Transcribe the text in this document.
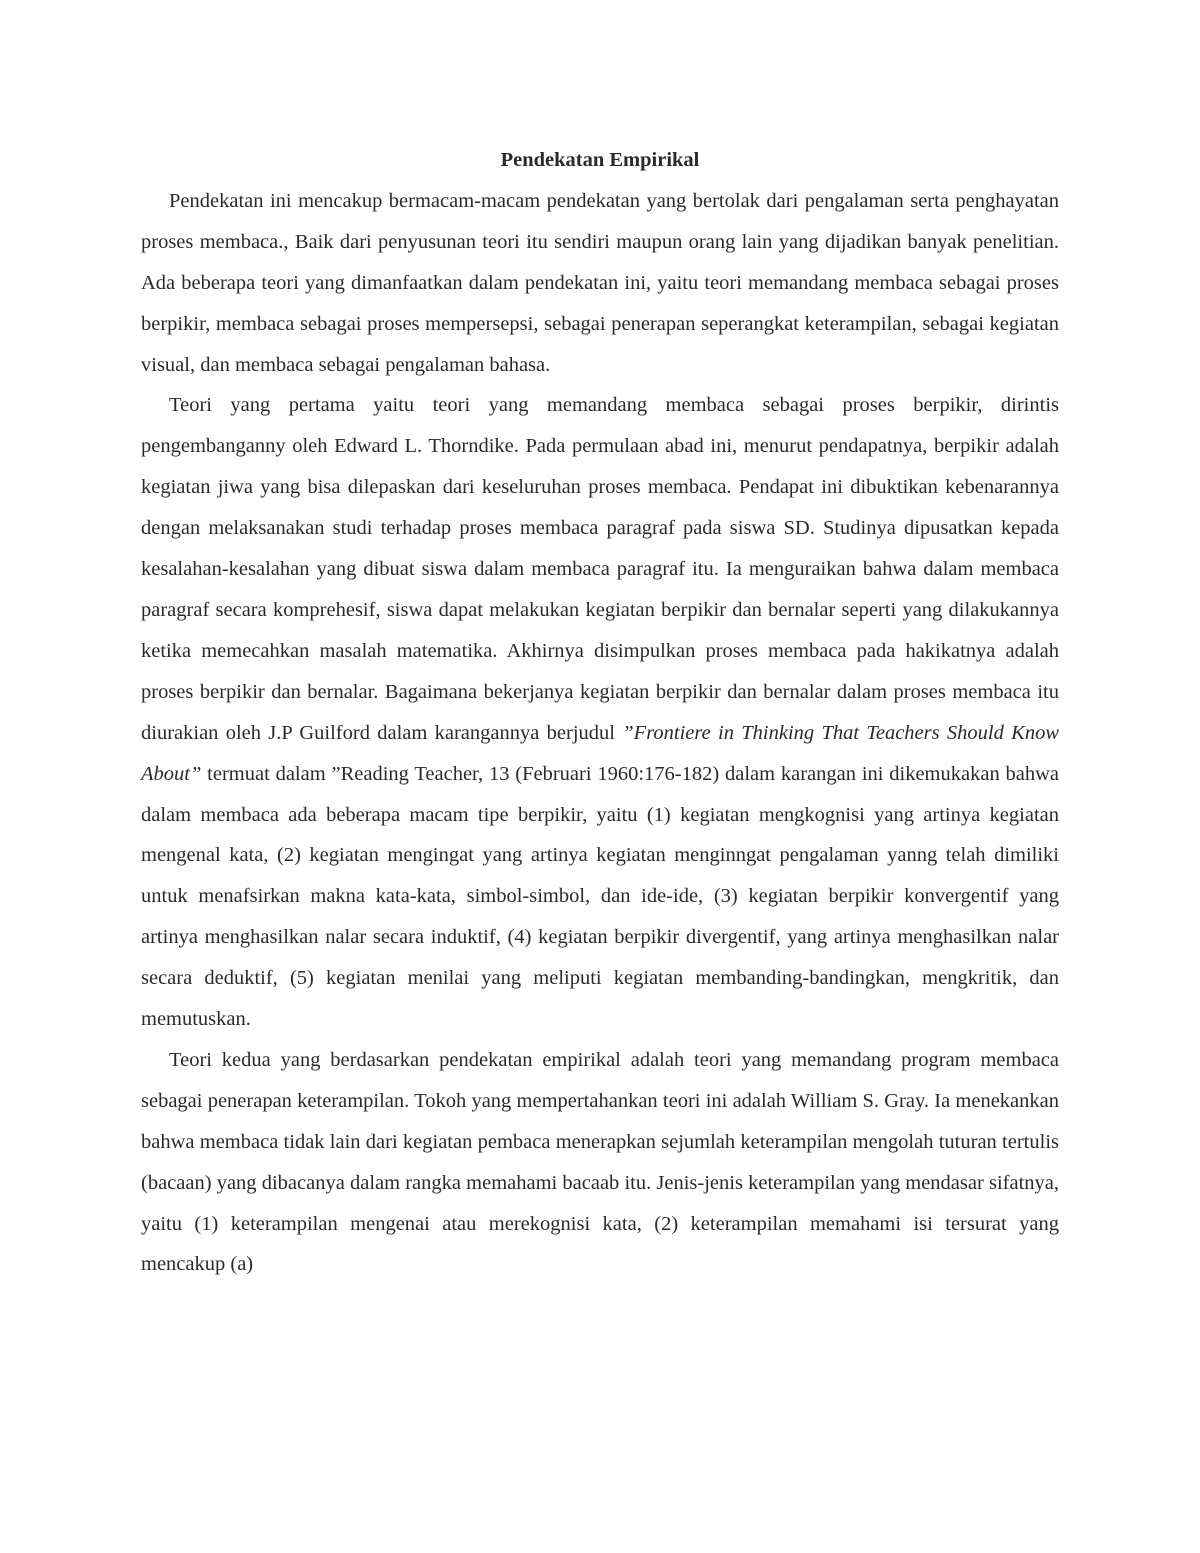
Pendekatan Empirikal

Pendekatan ini mencakup bermacam-macam pendekatan yang bertolak dari pengalaman serta penghayatan proses membaca., Baik dari penyusunan teori itu sendiri maupun orang lain yang dijadikan banyak penelitian. Ada beberapa teori yang dimanfaatkan dalam pendekatan ini, yaitu teori memandang membaca sebagai proses berpikir, membaca sebagai proses mempersepsi, sebagai penerapan seperangkat keterampilan, sebagai kegiatan visual, dan membaca sebagai pengalaman bahasa.

Teori yang pertama yaitu teori yang memandang membaca sebagai proses berpikir, dirintis pengembanganny oleh Edward L. Thorndike. Pada permulaan abad ini, menurut pendapatnya, berpikir adalah kegiatan jiwa yang bisa dilepaskan dari keseluruhan proses membaca. Pendapat ini dibuktikan kebenarannya dengan melaksanakan studi terhadap proses membaca paragraf pada siswa SD. Studinya dipusatkan kepada kesalahan-kesalahan yang dibuat siswa dalam membaca paragraf itu. Ia menguraikan bahwa dalam membaca paragraf secara komprehesif, siswa dapat melakukan kegiatan berpikir dan bernalar seperti yang dilakukannya ketika memecahkan masalah matematika. Akhirnya disimpulkan proses membaca pada hakikatnya adalah proses berpikir dan bernalar. Bagaimana bekerjanya kegiatan berpikir dan bernalar dalam proses membaca itu diurakian oleh J.P Guilford dalam karangannya berjudul ”Frontiere in Thinking That Teachers Should Know About” termuat dalam ”Reading Teacher, 13 (Februari 1960:176-182) dalam karangan ini dikemukakan bahwa dalam membaca ada beberapa macam tipe berpikir, yaitu (1) kegiatan mengkognisi yang artinya kegiatan mengenal kata, (2) kegiatan mengingat yang artinya kegiatan menginngat pengalaman yanng telah dimiliki untuk menafsirkan makna kata-kata, simbol-simbol, dan ide-ide, (3) kegiatan berpikir konvergentif yang artinya menghasilkan nalar secara induktif, (4) kegiatan berpikir divergentif, yang artinya menghasilkan nalar secara deduktif, (5) kegiatan menilai yang meliputi kegiatan membanding-bandingkan, mengkritik, dan memutuskan.

Teori kedua yang berdasarkan pendekatan empirikal adalah teori yang memandang program membaca sebagai penerapan keterampilan. Tokoh yang mempertahankan teori ini adalah William S. Gray. Ia menekankan bahwa membaca tidak lain dari kegiatan pembaca menerapkan sejumlah keterampilan mengolah tuturan tertulis (bacaan) yang dibacanya dalam rangka memahami bacaab itu. Jenis-jenis keterampilan yang mendasar sifatnya, yaitu (1) keterampilan mengenai atau merekognisi kata, (2) keterampilan memahami isi tersurat yang mencakup (a)
